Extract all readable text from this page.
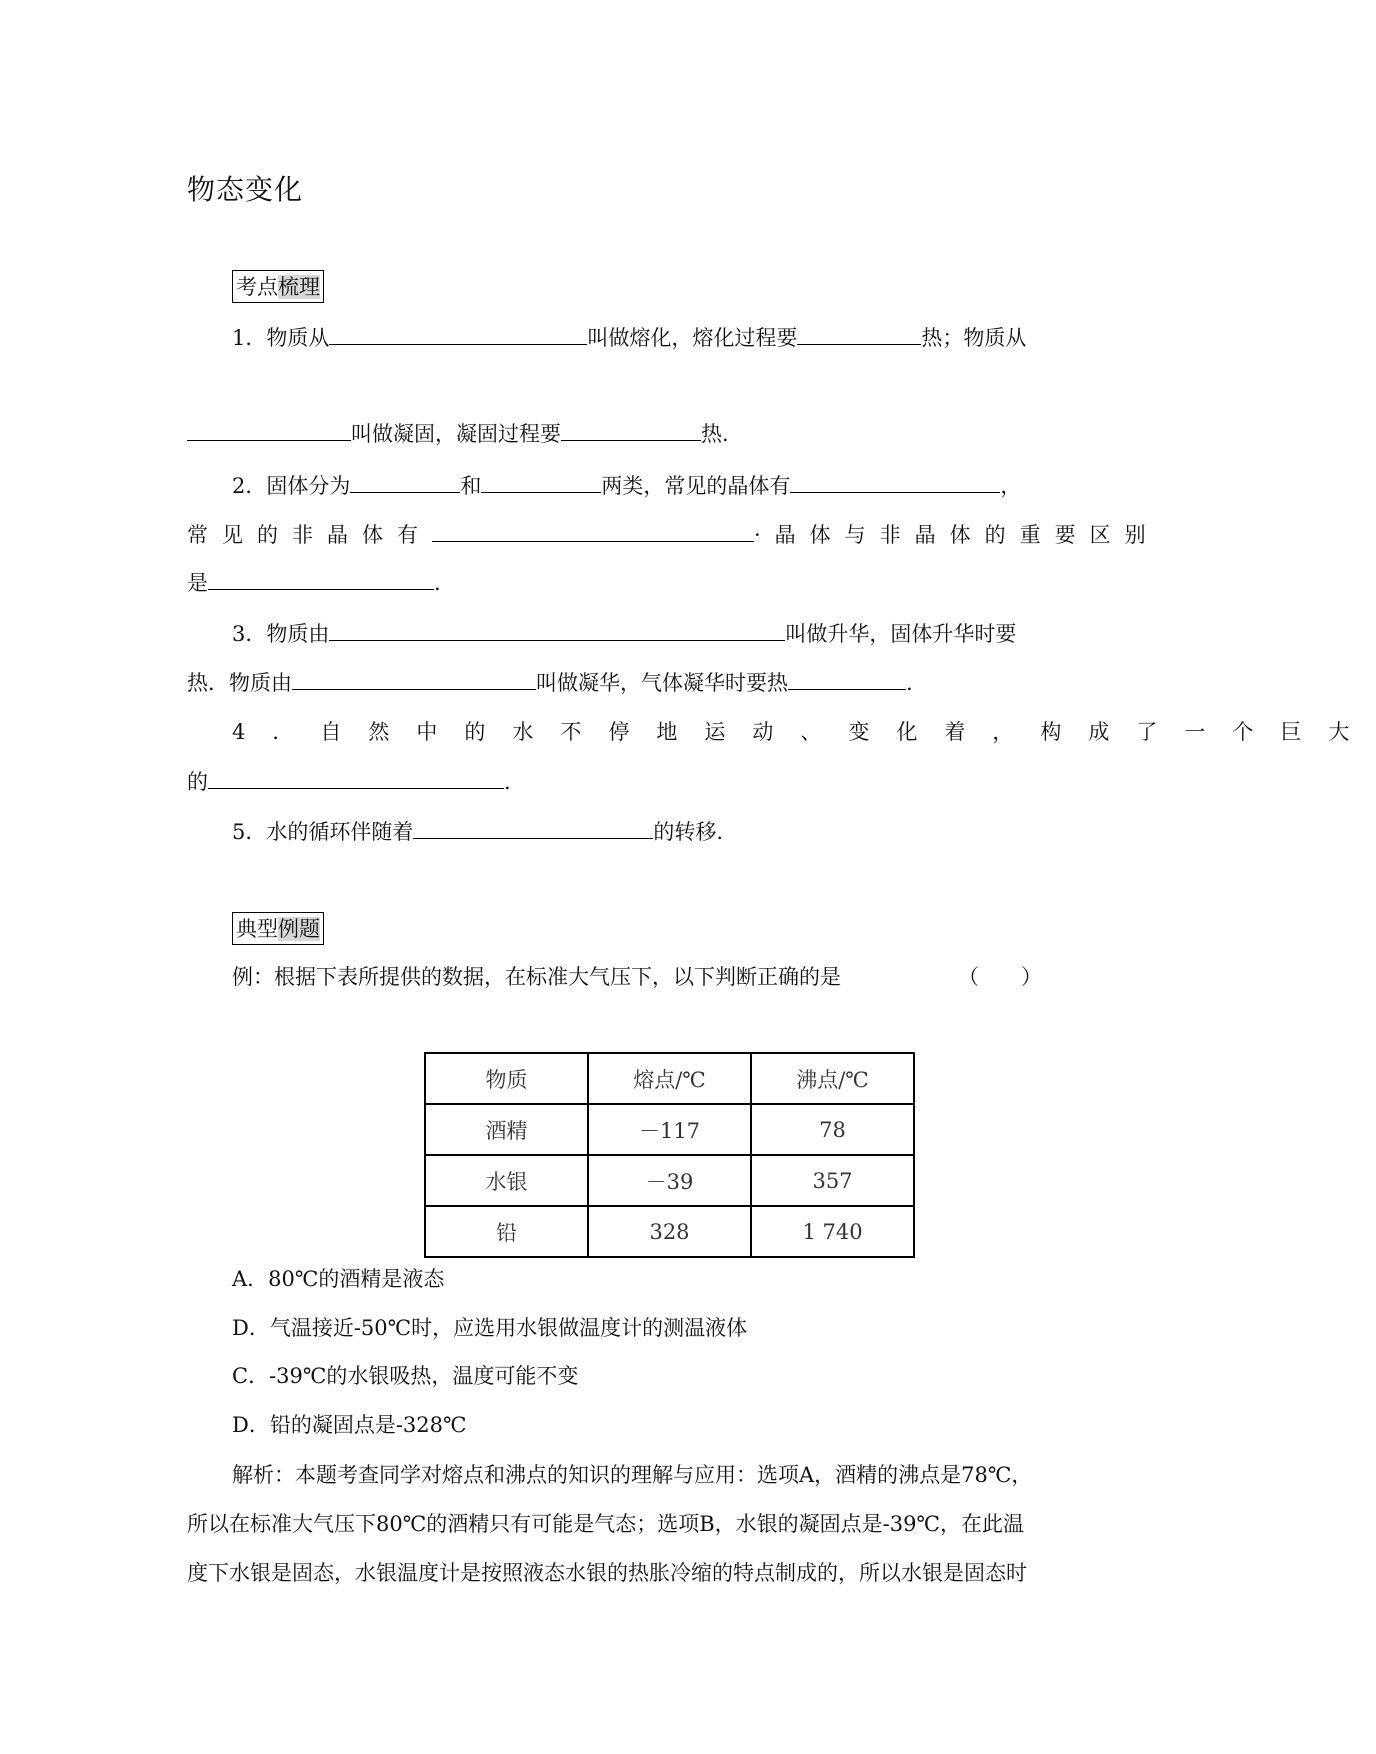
物态变化
考点梳理
1．物质从	叫做熔化，熔化过程要	热；物质从
叫做凝固，凝固过程要	热.
2．固体分为	和	两类，常见的晶体有	，
常见的非晶体有	·晶体与非晶体的重要区别
是	.
3．物质由	叫做升华，固体升华时要
热．物质由	叫做凝华，气体凝华时要热	.
4．自然中的水不停地运动、变化着，构成了一个巨大
的	.
5．水的循环伴随着	的转移.
典型例题
例：根据下表所提供的数据，在标准大气压下，以下判断正确的是	（　　）
物质	熔点/℃	沸点/℃
酒精	－117	78
水银	－39	357
铅	328	1 740
A．80℃的酒精是液态
D．气温接近-50℃时，应选用水银做温度计的测温液体
C．-39℃的水银吸热，温度可能不变
D．铅的凝固点是-328℃
解析：本题考查同学对熔点和沸点的知识的理解与应用：选项A，酒精的沸点是78℃，
所以在标准大气压下80℃的酒精只有可能是气态；选项B，水银的凝固点是-39℃，在此温
度下水银是固态，水银温度计是按照液态水银的热胀冷缩的特点制成的，所以水银是固态时
